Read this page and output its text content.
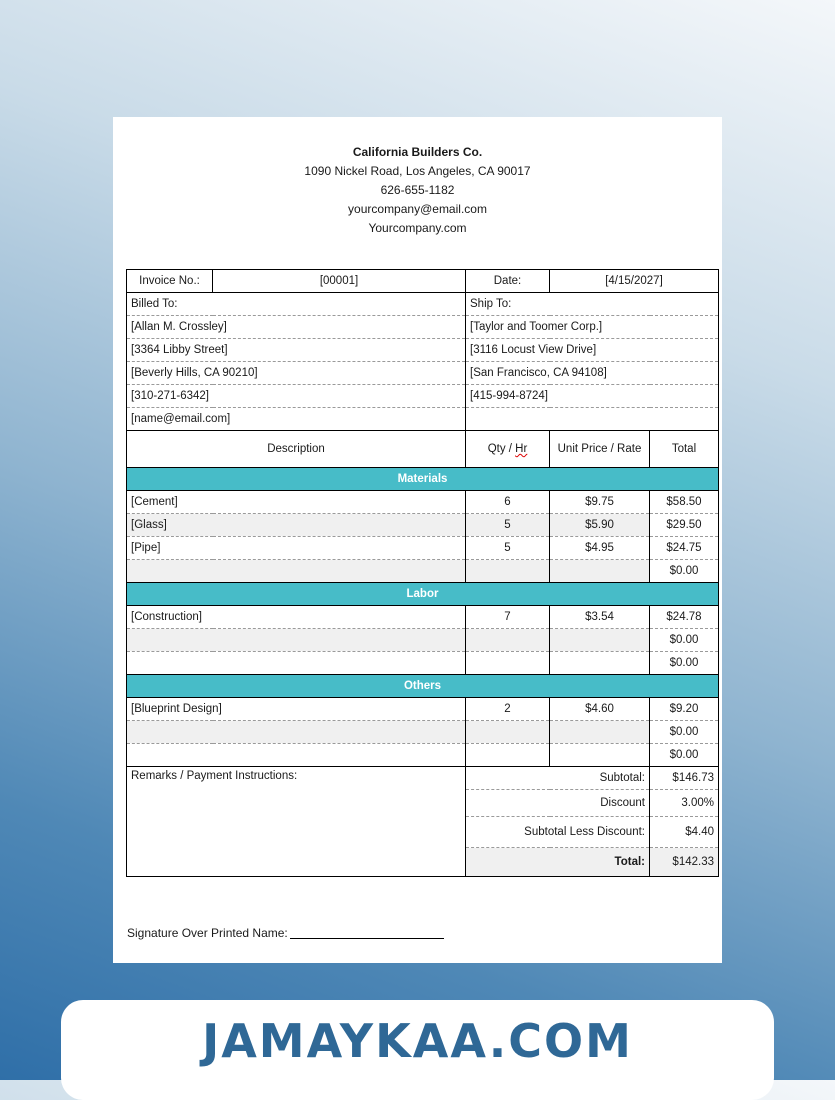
California Builders Co.
1090 Nickel Road, Los Angeles, CA 90017
626-655-1182
yourcompany@email.com
Yourcompany.com
Invoice No.:	[00001]	Date:	[4/15/2027]	
Billed To:		Ship To:		
[Allan M. Crossley]		[Taylor and Toomer Corp.]		
[3364 Libby Street]		[3116 Locust View Drive]		
[Beverly Hills, CA 90210]		[San Francisco, CA 94108]		
[310-271-6342]		[415-994-8724]		
[name@email.com]				
Description		Qty / Hr	Unit Price / Rate	Total
Materials				
[Cement]		6	$9.75	$58.50
[Glass]		5	$5.90	$29.50
[Pipe]		5	$4.95	$24.75
				$0.00
Labor				
[Construction]		7	$3.54	$24.78
				$0.00
				$0.00
Others				
[Blueprint Design]		2	$4.60	$9.20
				$0.00
				$0.00
Remarks / Payment Instructions:		Subtotal:		$146.73
		Discount		3.00%
		Subtotal Less Discount:		$4.40
		Total:		$142.33
Signature Over Printed Name:
JAMAYKAA.COM
